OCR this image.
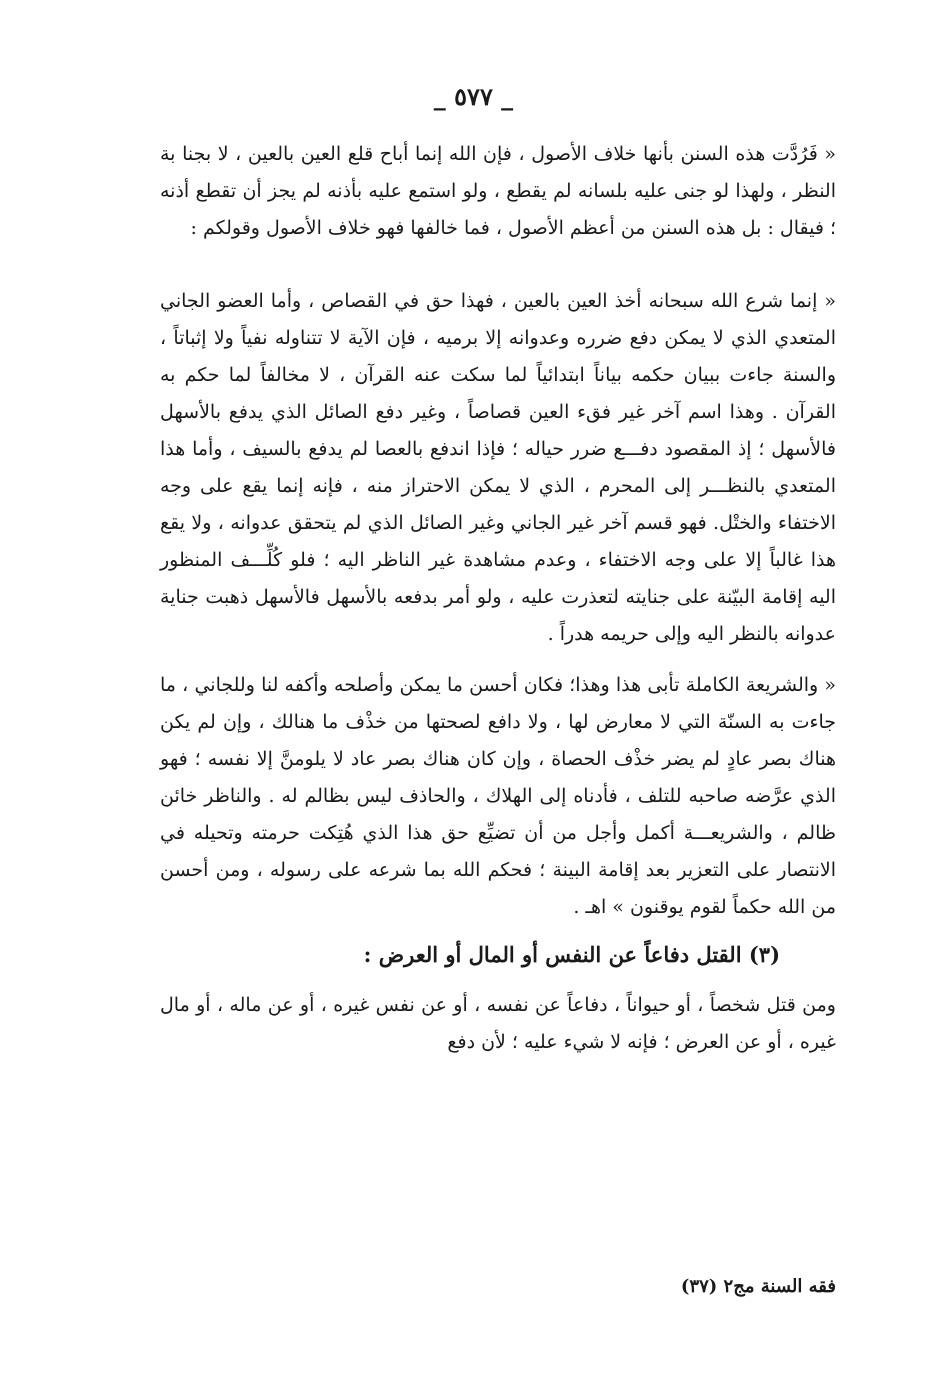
_ ٥٧٧ _

« فَرُدَّت هذه السنن بأنها خلاف الأصول ، فإن الله إنما أباح قلع العين بالعين ، لا بجنا بة النظر ، ولهذا لو جنى عليه بلسانه لم يقطع ، ولو استمع عليه بأذنه لم يجز أن تقطع أذنه ؛ فيقال : بل هذه السنن من أعظم الأصول ، فما خالفها فهو خلاف الأصول وقولكم :

« إنما شرع الله سبحانه أخذ العين بالعين ، فهذا حق في القصاص ، وأما العضو الجاني المتعدي الذي لا يمكن دفع ضرره وعدوانه إلا برميه ، فإن الآية لا تتناوله نفياً ولا إثباتاً ، والسنة جاءت ببيان حكمه بياناً ابتدائياً لما سكت عنه القرآن ، لا مخالفاً لما حكم به القرآن . وهذا اسم آخر غير فقء العين قصاصاً ، وغير دفع الصائل الذي يدفع بالأسهل فالأسهل ؛ إذ المقصود دفـــع ضرر حياله ؛ فإذا اندفع بالعصا لم يدفع بالسيف ، وأما هذا المتعدي بالنظـــر إلى المحرم ، الذي لا يمكن الاحتراز منه ، فإنه إنما يقع على وجه الاختفاء والختْل. فهو قسم آخر غير الجاني وغير الصائل الذي لم يتحقق عدوانه ، ولا يقع هذا غالباً إلا على وجه الاختفاء ، وعدم مشاهدة غير الناظر اليه ؛ فلو كُلِّـــف المنظور اليه إقامة البيّنة على جنايته لتعذرت عليه ، ولو أمر بدفعه بالأسهل فالأسهل ذهبت جناية عدوانه بالنظر اليه وإلى حريمه هدراً .

« والشريعة الكاملة تأبى هذا وهذا؛ فكان أحسن ما يمكن وأصلحه وأكفه لنا وللجاني ، ما جاءت به السنّة التي لا معارض لها ، ولا دافع لصحتها من خذْف ما هنالك ، وإن لم يكن هناك بصر عادٍ لم يضر خذْف الحصاة ، وإن كان هناك بصر عاد لا يلومنَّ إلا نفسه ؛ فهو الذي عرَّضه صاحبه للتلف ، فأدناه إلى الهلاك ، والحاذف ليس بظالم له . والناظر خائن ظالم ، والشريعـــة أكمل وأجل من أن تضيِّع حق هذا الذي هُتِكت حرمته وتحيله في الانتصار على التعزير بعد إقامة البينة ؛ فحكم الله بما شرعه على رسوله ، ومن أحسن من الله حكماً لقوم يوقنون » اهـ .

(٣) القتل دفاعاً عن النفس أو المال أو العرض :

ومن قتل شخصاً ، أو حيواناً ، دفاعاً عن نفسه ، أو عن نفس غيره ، أو عن ماله ، أو مال غيره ، أو عن العرض ؛ فإنه لا شيء عليه ؛ لأن دفع

فقه السنة مج٢ (٣٧)
